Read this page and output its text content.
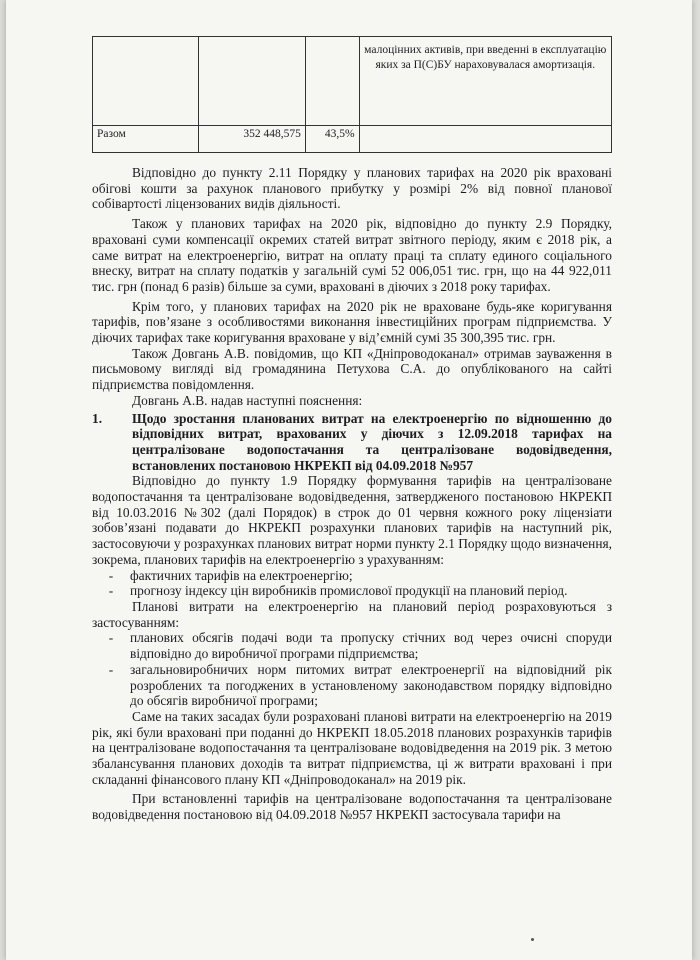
			малоцінних активів, при введенні в експлуатацію яких за П(С)БУ нараховувалася амортизація.
Разом	352 448,575	43,5%	

Відповідно до пункту 2.11 Порядку у планових тарифах на 2020 рік враховані обігові кошти за рахунок планового прибутку у розмірі 2% від повної планової собівартості ліцензованих видів діяльності.

Також у планових тарифах на 2020 рік, відповідно до пункту 2.9 Порядку, враховані суми компенсації окремих статей витрат звітного періоду, яким є 2018 рік, а саме витрат на електроенергію, витрат на оплату праці та сплату единого соціального внеску, витрат на сплату податків у загальній сумі 52 006,051 тис. грн, що на 44 922,011 тис. грн (понад 6 разів) більше за суми, враховані в діючих з 2018 року тарифах.

Крім того, у планових тарифах на 2020 рік не враховане будь-яке коригування тарифів, пов’язане з особливостями виконання інвестиційних програм підприємства. У діючих тарифах таке коригування враховане у від’ємній сумі 35 300,395 тис. грн.

Також Довгань А.В. повідомив, що КП «Дніпроводоканал» отримав зауваження в письмовому вигляді від громадянина Петухова С.А. до опублікованого на сайті підприємства повідомлення.

Довгань А.В. надав наступні пояснення:

1.	Щодо зростання планованих витрат на електроенергію по відношенню до відповідних витрат, врахованих у діючих з 12.09.2018 тарифах на централізоване водопостачання та централізоване водовідведення, встановлених постановою НКРЕКП від 04.09.2018 №957

Відповідно до пункту 1.9 Порядку формування тарифів на централізоване водопостачання та централізоване водовідведення, затвердженого постановою НКРЕКП від 10.03.2016 №302 (далі Порядок) в строк до 01 червня кожного року ліцензіати зобов’язані подавати до НКРЕКП розрахунки планових тарифів на наступний рік, застосовуючи у розрахунках планових витрат норми пункту 2.1 Порядку щодо визначення, зокрема, планових тарифів на електроенергію з урахуванням:

-	фактичних тарифів на електроенергію;
-	прогнозу індексу цін виробників промислової продукції на плановий період.

Планові витрати на електроенергію на плановий період розраховуються з застосуванням:

-	планових обсягів подачі води та пропуску стічних вод через очисні споруди відповідно до виробничої програми підприємства;
-	загальновиробничих норм питомих витрат електроенергії на відповідний рік розроблених та погоджених в установленому законодавством порядку відповідно до обсягів виробничої програми;

Саме на таких засадах були розраховані планові витрати на електроенергію на 2019 рік, які були враховані при поданні до НКРЕКП 18.05.2018 планових розрахунків тарифів на централізоване водопостачання та централізоване водовідведення на 2019 рік. З метою збалансування планових доходів та витрат підприємства, ці ж витрати враховані і при складанні фінансового плану КП «Дніпроводоканал» на 2019 рік.

При встановленні тарифів на централізоване водопостачання та централізоване водовідведення постановою від 04.09.2018 №957 НКРЕКП застосувала тарифи на
